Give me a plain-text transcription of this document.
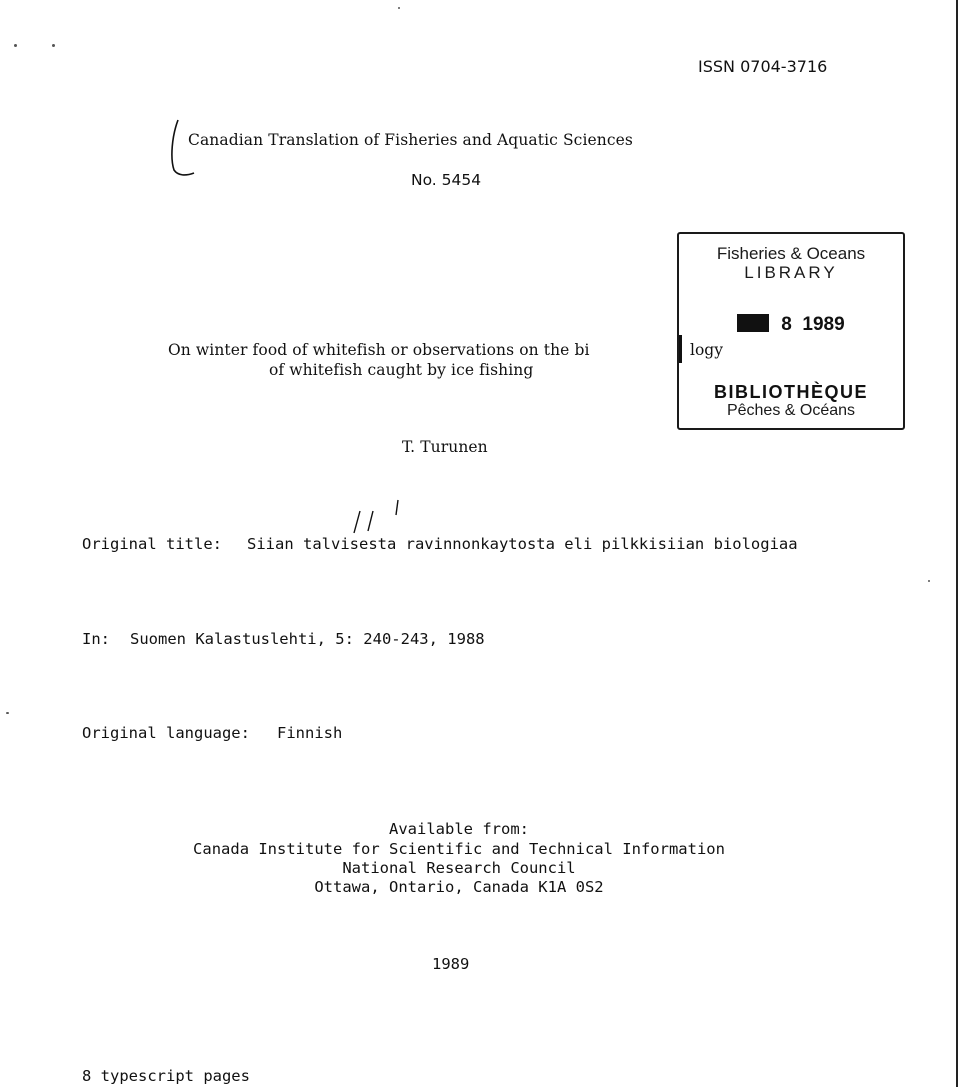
ISSN 0704-3716
Canadian Translation of Fisheries and Aquatic Sciences
No. 5454
Fisheries & Oceans
LIBRARY
8 1989
BIBLIOTHÈQUE
Pêches & Océans
On winter food of whitefish or observations on the bi	logy
of whitefish caught by ice fishing
T. Turunen
Original title: Siian talvisesta ravinnonkaytosta eli pilkkisiian biologiaa
In: Suomen Kalastuslehti, 5: 240-243, 1988
Original language: Finnish
Available from:
Canada Institute for Scientific and Technical Information
National Research Council
Ottawa, Ontario, Canada K1A 0S2
1989
8 typescript pages
